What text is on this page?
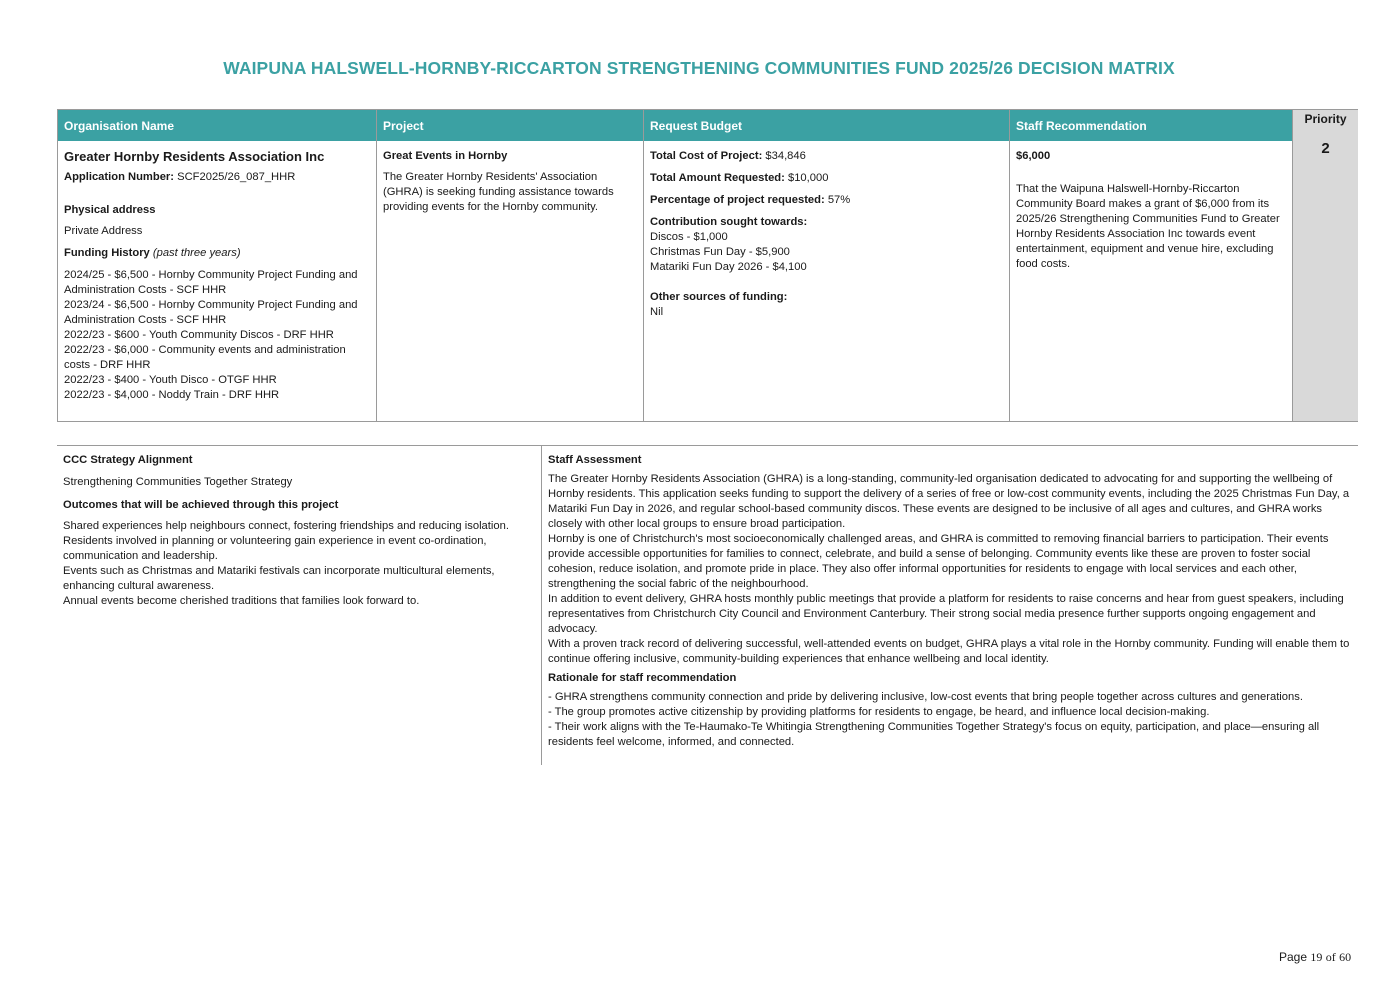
WAIPUNA HALSWELL-HORNBY-RICCARTON STRENGTHENING COMMUNITIES FUND 2025/26 DECISION MATRIX
Organisation Name
Greater Hornby Residents Association Inc
Application Number: SCF2025/26_087_HHR
Physical address
Private Address
Funding History (past three years)
2024/25 - $6,500 - Hornby Community Project Funding and Administration Costs - SCF HHR
2023/24 - $6,500 - Hornby Community Project Funding and Administration Costs - SCF HHR
2022/23 - $600 - Youth Community Discos - DRF HHR
2022/23 - $6,000 - Community events and administration costs - DRF HHR
2022/23 - $400 - Youth Disco - OTGF HHR
2022/23 - $4,000 - Noddy Train - DRF HHR
Project
Great Events in Hornby
The Greater Hornby Residents' Association (GHRA) is seeking funding assistance towards providing events for the Hornby community.
Request Budget
Total Cost of Project: $34,846
Total Amount Requested: $10,000
Percentage of project requested: 57%
Contribution sought towards:
Discos - $1,000
Christmas Fun Day - $5,900
Matariki Fun Day 2026 - $4,100
Other sources of funding:
Nil
Staff Recommendation
$6,000
That the Waipuna Halswell-Hornby-Riccarton Community Board makes a grant of $6,000 from its 2025/26 Strengthening Communities Fund to Greater Hornby Residents Association Inc towards event entertainment, equipment and venue hire, excluding food costs.
Priority
2
CCC Strategy Alignment
Strengthening Communities Together Strategy
Outcomes that will be achieved through this project
Shared experiences help neighbours connect, fostering friendships and reducing isolation.
Residents involved in planning or volunteering gain experience in event co-ordination, communication and leadership.
Events such as Christmas and Matariki festivals can incorporate multicultural elements, enhancing cultural awareness.
Annual events become cherished traditions that families look forward to.
Staff Assessment

The Greater Hornby Residents Association (GHRA) is a long-standing, community-led organisation dedicated to advocating for and supporting the wellbeing of Hornby residents. This application seeks funding to support the delivery of a series of free or low-cost community events, including the 2025 Christmas Fun Day, a Matariki Fun Day in 2026, and regular school-based community discos. These events are designed to be inclusive of all ages and cultures, and GHRA works closely with other local groups to ensure broad participation.

Hornby is one of Christchurch's most socioeconomically challenged areas, and GHRA is committed to removing financial barriers to participation. Their events provide accessible opportunities for families to connect, celebrate, and build a sense of belonging. Community events like these are proven to foster social cohesion, reduce isolation, and promote pride in place. They also offer informal opportunities for residents to engage with local services and each other, strengthening the social fabric of the neighbourhood.

In addition to event delivery, GHRA hosts monthly public meetings that provide a platform for residents to raise concerns and hear from guest speakers, including representatives from Christchurch City Council and Environment Canterbury. Their strong social media presence further supports ongoing engagement and advocacy.

With a proven track record of delivering successful, well-attended events on budget, GHRA plays a vital role in the Hornby community. Funding will enable them to continue offering inclusive, community-building experiences that enhance wellbeing and local identity.

Rationale for staff recommendation
- GHRA strengthens community connection and pride by delivering inclusive, low-cost events that bring people together across cultures and generations.
- The group promotes active citizenship by providing platforms for residents to engage, be heard, and influence local decision-making.
- Their work aligns with the Te-Haumako-Te Whitingia Strengthening Communities Together Strategy's focus on equity, participation, and place—ensuring all residents feel welcome, informed, and connected.
Page 19 of 60
